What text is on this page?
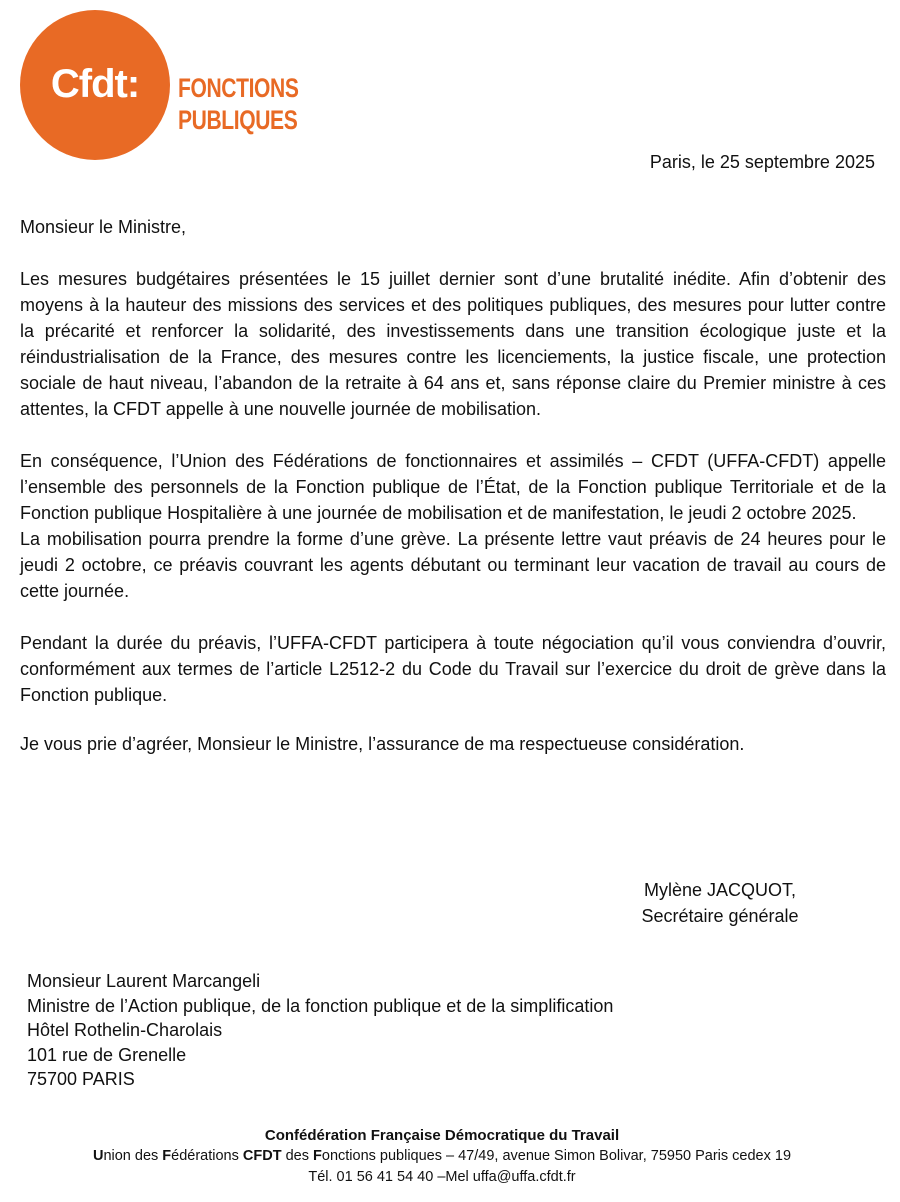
Cfdt:	FONCTIONS
PUBLIQUES
Paris, le 25 septembre 2025

Monsieur le Ministre,

Les mesures budgétaires présentées le 15 juillet dernier sont d’une brutalité inédite. Afin d’obtenir des moyens à la hauteur des missions des services et des politiques publiques, des mesures pour lutter contre la précarité et renforcer la solidarité, des investissements dans une transition écologique juste et la réindustrialisation de la France, des mesures contre les licenciements, la justice fiscale, une protection sociale de haut niveau, l’abandon de la retraite à 64 ans et, sans réponse claire du Premier ministre à ces attentes, la CFDT appelle à une nouvelle journée de mobilisation.

En conséquence, l’Union des Fédérations de fonctionnaires et assimilés – CFDT (UFFA-CFDT) appelle l’ensemble des personnels de la Fonction publique de l’État, de la Fonction publique Territoriale et de la Fonction publique Hospitalière à une journée de mobilisation et de manifestation, le jeudi 2 octobre 2025.

La mobilisation pourra prendre la forme d’une grève. La présente lettre vaut préavis de 24 heures pour le jeudi 2 octobre, ce préavis couvrant les agents débutant ou terminant leur vacation de travail au cours de cette journée.

Pendant la durée du préavis, l’UFFA-CFDT participera à toute négociation qu’il vous conviendra d’ouvrir, conformément aux termes de l’article L2512-2 du Code du Travail sur l’exercice du droit de grève dans la Fonction publique.

Je vous prie d’agréer, Monsieur le Ministre, l’assurance de ma respectueuse considération.

Mylène JACQUOT,
Secrétaire générale
Monsieur Laurent Marcangeli
Ministre de l’Action publique, de la fonction publique et de la simplification
Hôtel Rothelin-Charolais
101 rue de Grenelle
75700 PARIS
Confédération Française Démocratique du Travail
Union des Fédérations CFDT des Fonctions publiques – 47/49, avenue Simon Bolivar, 75950 Paris cedex 19
Tél. 01 56 41 54 40 –Mel uffa@uffa.cfdt.fr
